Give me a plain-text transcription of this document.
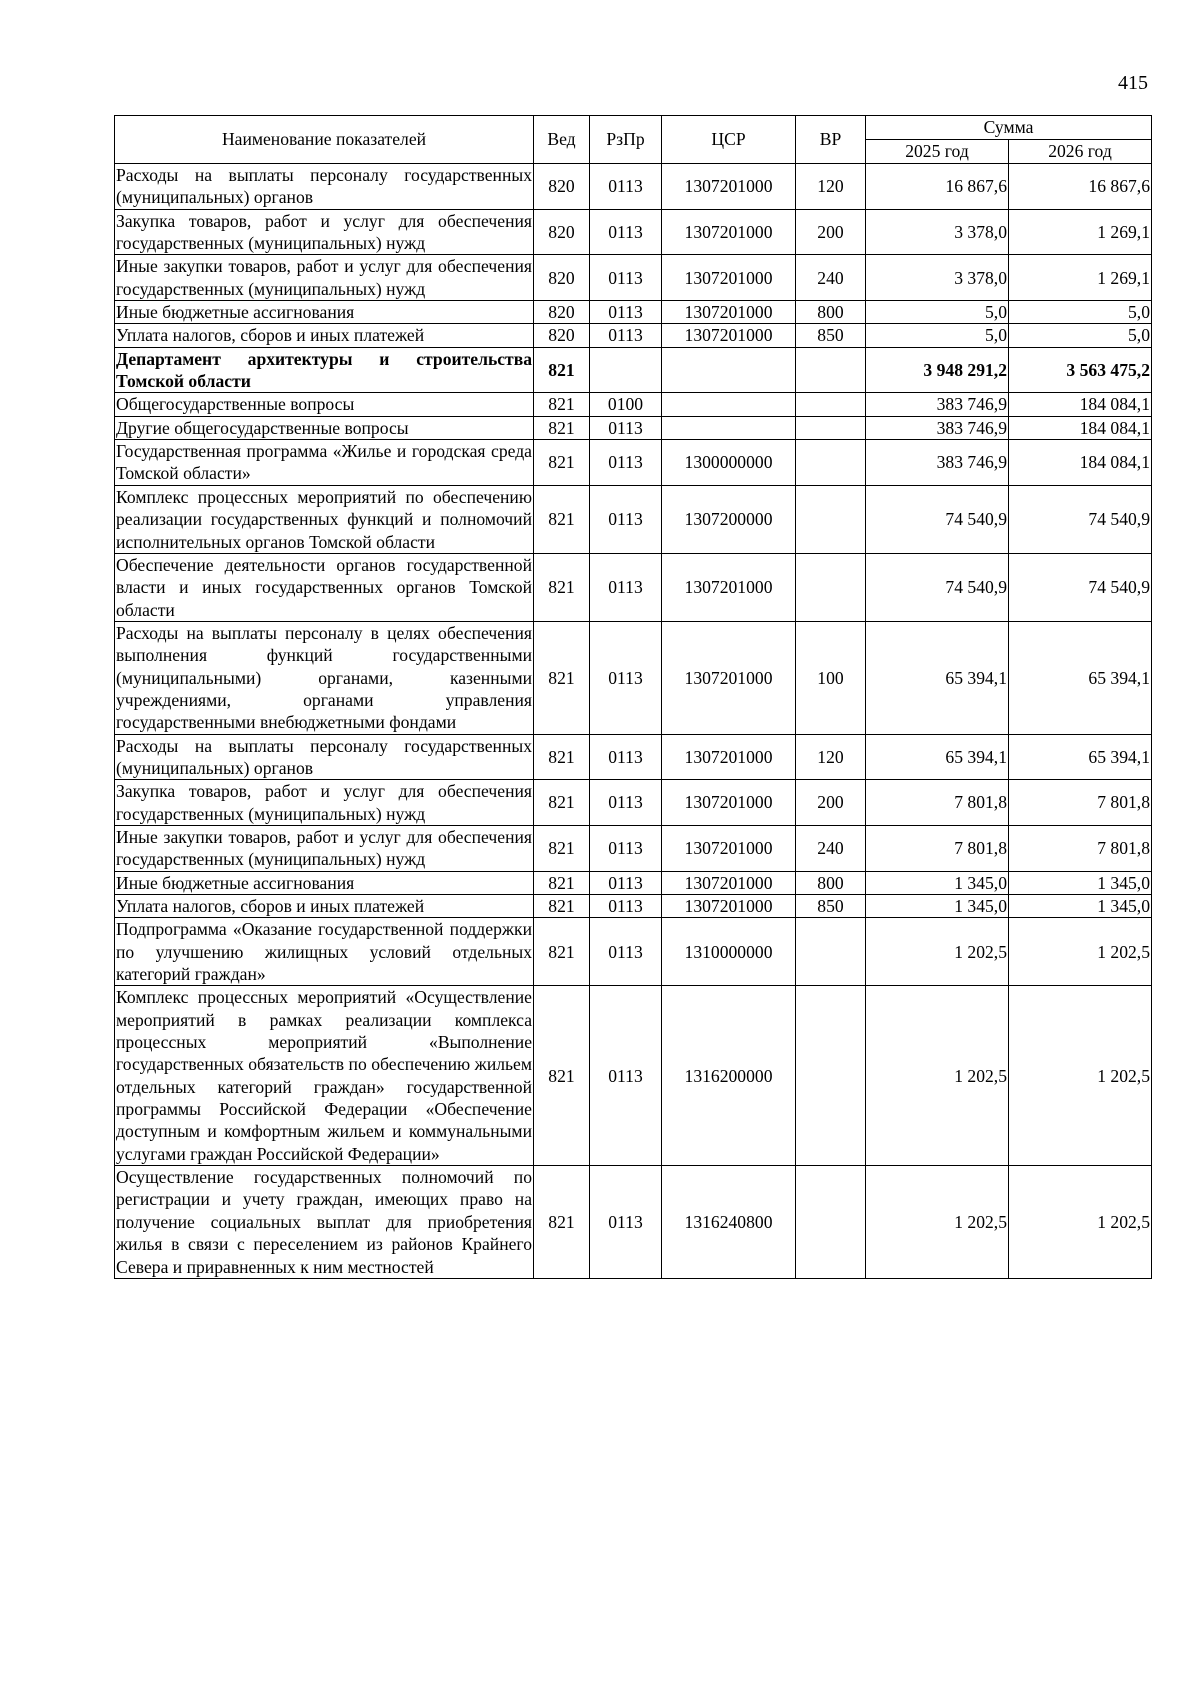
415
Наименование показателей	Вед	РзПр	ЦСР	ВР	Сумма	
					2025 год	2026 год
Расходы на выплаты персоналу государственных (муниципальных) органов	820	0113	1307201000	120	16 867,6	16 867,6
Закупка товаров, работ и услуг для обеспечения государственных (муниципальных) нужд	820	0113	1307201000	200	3 378,0	1 269,1
Иные закупки товаров, работ и услуг для обеспечения государственных (муниципальных) нужд	820	0113	1307201000	240	3 378,0	1 269,1
Иные бюджетные ассигнования	820	0113	1307201000	800	5,0	5,0
Уплата налогов, сборов и иных платежей	820	0113	1307201000	850	5,0	5,0
Департамент архитектуры и строительства Томской области	821				3 948 291,2	3 563 475,2
Общегосударственные вопросы	821	0100			383 746,9	184 084,1
Другие общегосударственные вопросы	821	0113			383 746,9	184 084,1
Государственная программа «Жилье и городская среда Томской области»	821	0113	1300000000		383 746,9	184 084,1
Комплекс процессных мероприятий по обеспечению реализации государственных функций и полномочий исполнительных органов Томской области	821	0113	1307200000		74 540,9	74 540,9
Обеспечение деятельности органов государственной власти и иных государственных органов Томской области	821	0113	1307201000		74 540,9	74 540,9
Расходы на выплаты персоналу в целях обеспечения выполнения функций государственными (муниципальными) органами, казенными учреждениями, органами управления государственными внебюджетными фондами	821	0113	1307201000	100	65 394,1	65 394,1
Расходы на выплаты персоналу государственных (муниципальных) органов	821	0113	1307201000	120	65 394,1	65 394,1
Закупка товаров, работ и услуг для обеспечения государственных (муниципальных) нужд	821	0113	1307201000	200	7 801,8	7 801,8
Иные закупки товаров, работ и услуг для обеспечения государственных (муниципальных) нужд	821	0113	1307201000	240	7 801,8	7 801,8
Иные бюджетные ассигнования	821	0113	1307201000	800	1 345,0	1 345,0
Уплата налогов, сборов и иных платежей	821	0113	1307201000	850	1 345,0	1 345,0
Подпрограмма «Оказание государственной поддержки по улучшению жилищных условий отдельных категорий граждан»	821	0113	1310000000		1 202,5	1 202,5
Комплекс процессных мероприятий «Осуществление мероприятий в рамках реализации комплекса процессных мероприятий «Выполнение государственных обязательств по обеспечению жильем отдельных категорий граждан» государственной программы Российской Федерации «Обеспечение доступным и комфортным жильем и коммунальными услугами граждан Российской Федерации»	821	0113	1316200000		1 202,5	1 202,5
Осуществление государственных полномочий по регистрации и учету граждан, имеющих право на получение социальных выплат для приобретения жилья в связи с переселением из районов Крайнего Севера и приравненных к ним местностей	821	0113	1316240800		1 202,5	1 202,5
